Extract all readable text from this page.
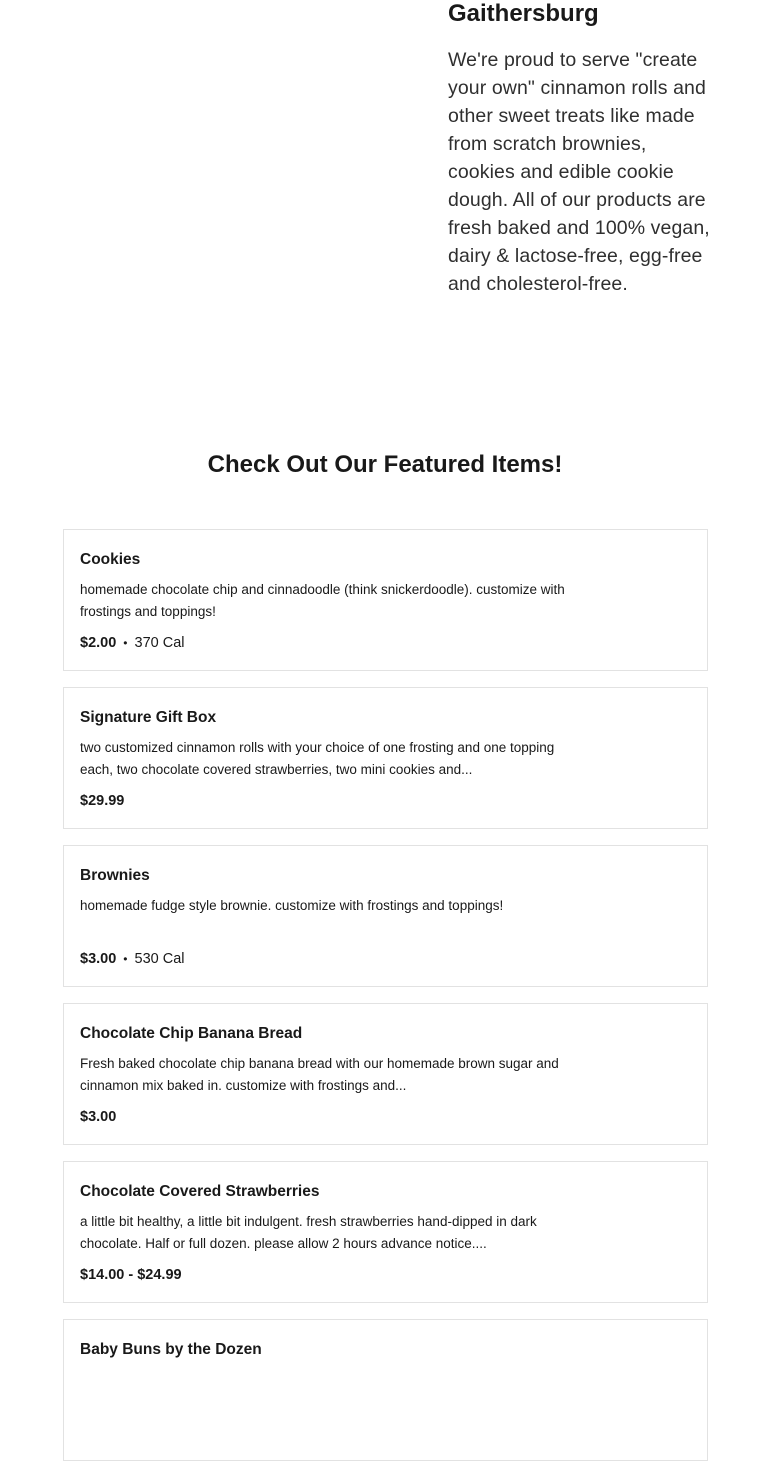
Gaithersburg

We're proud to serve "create your own" cinnamon rolls and other sweet treats like made from scratch brownies, cookies and edible cookie dough. All of our products are fresh baked and 100% vegan, dairy & lactose-free, egg-free and cholesterol-free.

Check Out Our Featured Items!
Cookies
homemade chocolate chip and cinnadoodle (think snickerdoodle). customize with frostings and toppings!
$2.00 • 370 Cal
Signature Gift Box
two customized cinnamon rolls with your choice of one frosting and one topping each, two chocolate covered strawberries, two mini cookies and...
$29.99
Brownies
homemade fudge style brownie. customize with frostings and toppings!
$3.00 • 530 Cal
Chocolate Chip Banana Bread
Fresh baked chocolate chip banana bread with our homemade brown sugar and cinnamon mix baked in. customize with frostings and...
$3.00
Chocolate Covered Strawberries
a little bit healthy, a little bit indulgent. fresh strawberries hand-dipped in dark chocolate. Half or full dozen. please allow 2 hours advance notice....
$14.00 - $24.99
Baby Buns by the Dozen
